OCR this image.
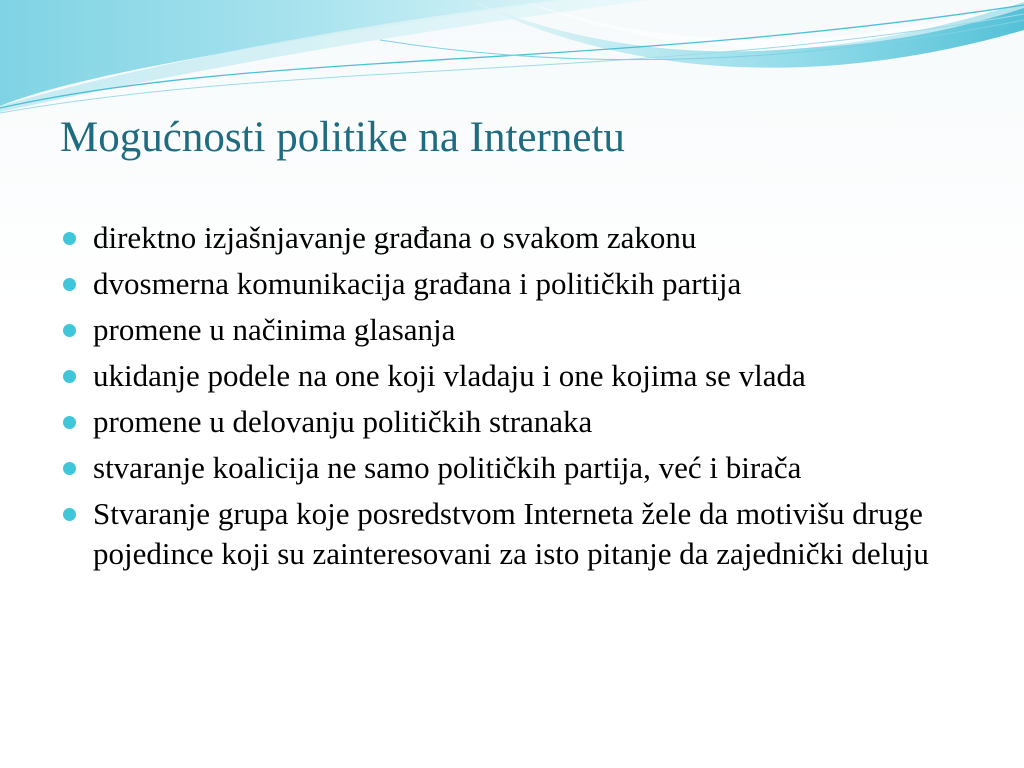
Mogućnosti politike na Internetu
direktno izjašnjavanje građana o svakom zakonu
dvosmerna komunikacija građana i političkih partija
promene u načinima glasanja
ukidanje podele na one koji vladaju i one kojima se vlada
promene u delovanju političkih stranaka
stvaranje koalicija ne samo političkih partija, već i birača
Stvaranje grupa koje posredstvom Interneta žele da motivišu druge pojedince koji su zainteresovani za isto pitanje da zajednički deluju
